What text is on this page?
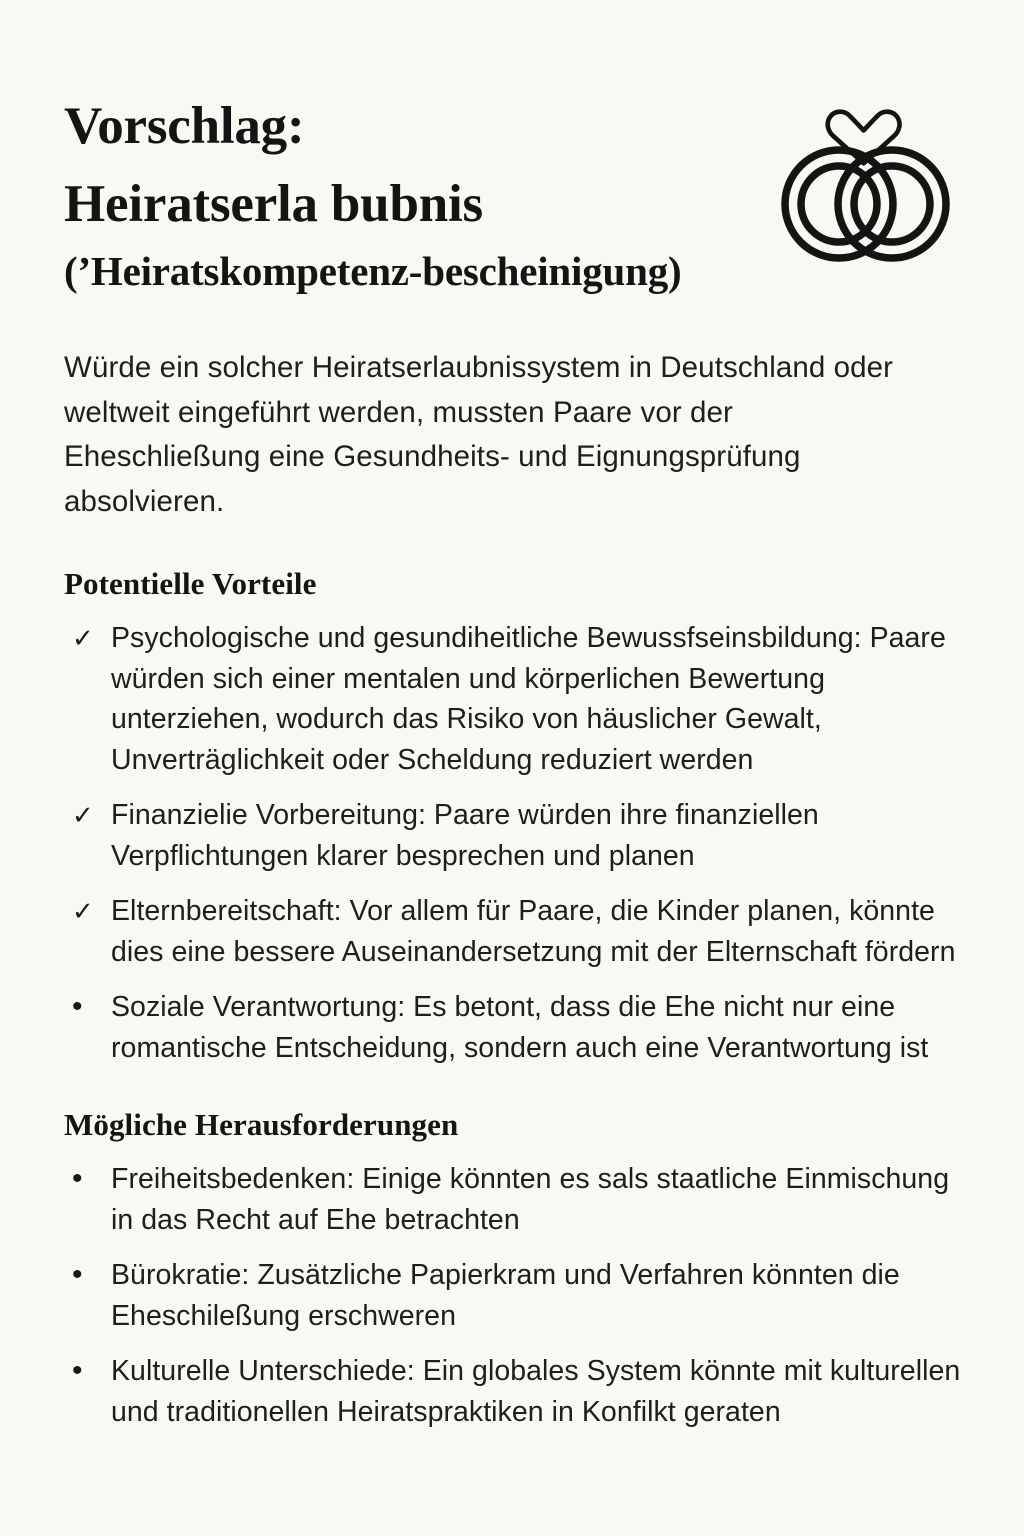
Vorschlag:
Heiratserla bubnis
(’Heiratskompetenz-bescheinigung)

Würde ein solcher Heiratserlaubnissystem in Deutschland oder weltweit eingeführt werden, mussten Paare vor der Eheschließung eine Gesundheits- und Eignungsprüfung absolvieren.

Potentielle Vorteile
✓ Psychologische und gesundiheitliche Bewussfseinsbildung: Paare würden sich einer mentalen und körperlichen Bewertung unterziehen, wodurch das Risiko von häuslicher Gewalt, Unverträglichkeit oder Scheldung reduziert werden
✓ Finanzielie Vorbereitung: Paare würden ihre finanziellen Verpflichtungen klarer besprechen und planen
✓ Elternbereitschaft: Vor allem für Paare, die Kinder planen, könnte dies eine bessere Auseinandersetzung mit der Elternschaft fördern
• Soziale Verantwortung: Es betont, dass die Ehe nicht nur eine romantische Entscheidung, sondern auch eine Verantwortung ist
Mögliche Herausforderungen
• Freiheitsbedenken: Einige könnten es sals staatliche Einmischung in das Recht auf Ehe betrachten
• Bürokratie: Zusätzliche Papierkram und Verfahren könnten die Eheschileßung erschweren
• Kulturelle Unterschiede: Ein globales System könnte mit kulturellen und traditionellen Heiratspraktiken in Konfilkt geraten
